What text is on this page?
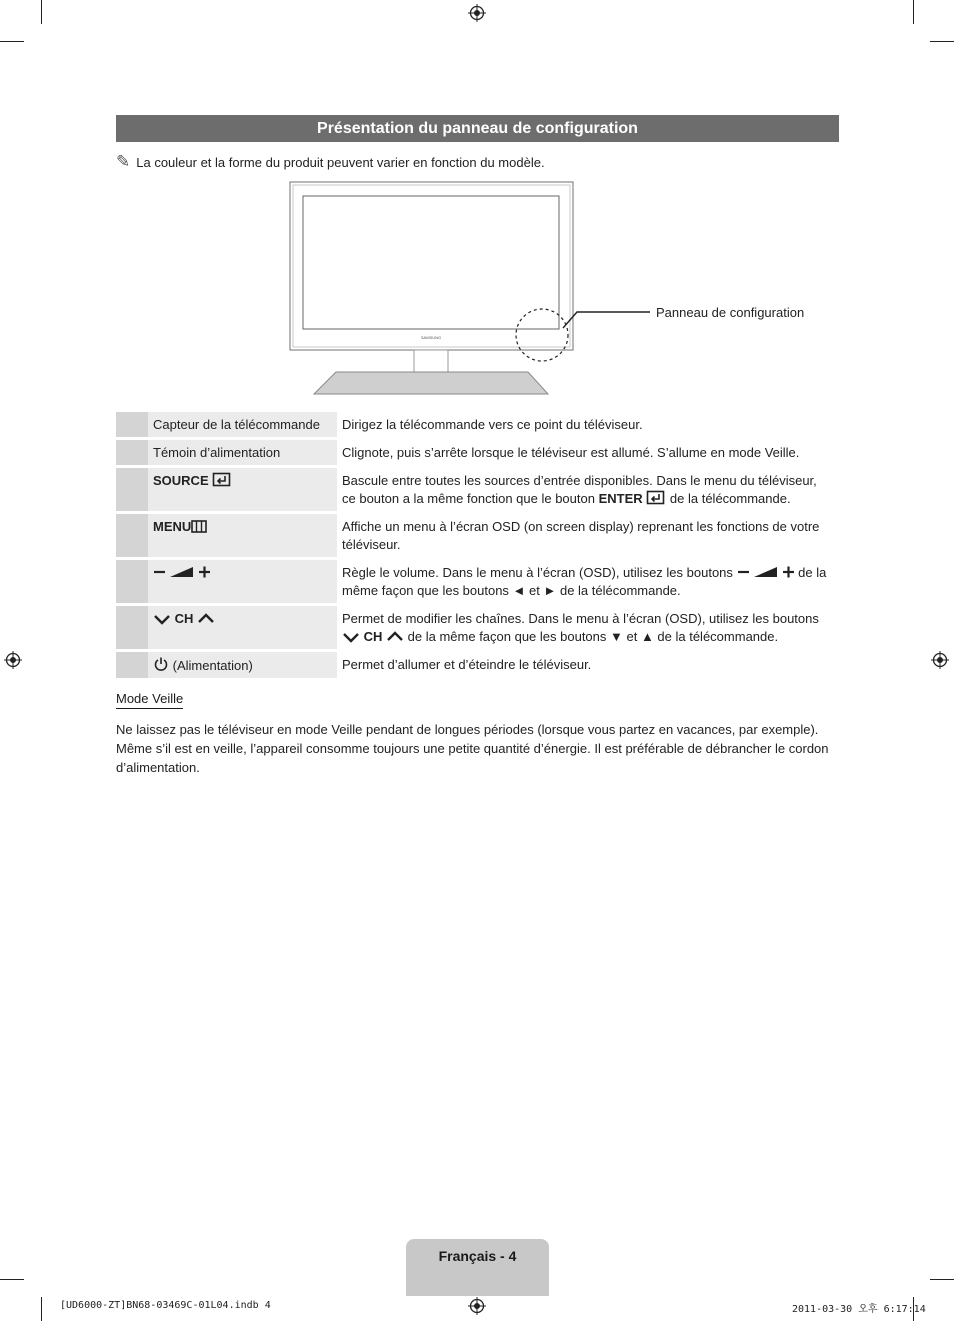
Présentation du panneau de configuration
✎ La couleur et la forme du produit peuvent varier en fonction du modèle.
SAMSUNG
Panneau de configuration
	Capteur de la télécommande	Dirigez la télécommande vers ce point du téléviseur.
	Témoin d’alimentation	Clignote, puis s’arrête lorsque le téléviseur est allumé. S’allume en mode Veille.
	SOURCE	Bascule entre toutes les sources d’entrée disponibles. Dans le menu du téléviseur, ce bouton a la même fonction que le bouton ENTER de la télécommande.
	MENU	Affiche un menu à l’écran OSD (on screen display) reprenant les fonctions de votre téléviseur.
		Règle le volume. Dans le menu à l’écran (OSD), utilisez les boutons de la même façon que les boutons ◄ et ► de la télécommande.
	CH	Permet de modifier les chaînes. Dans le menu à l’écran (OSD), utilisez les boutons  CH de la même façon que les boutons ▼ et ▲ de la télécommande.
	(Alimentation)	Permet d’allumer et d’éteindre le téléviseur.
Mode Veille
Ne laissez pas le téléviseur en mode Veille pendant de longues périodes (lorsque vous partez en vacances, par exemple). Même s’il est en veille, l’appareil consomme toujours une petite quantité d’énergie. Il est préférable de débrancher le cordon d’alimentation.
Français - 4
[UD6000-ZT]BN68-03469C-01L04.indb 4	2011-03-30 오후 6:17:14
